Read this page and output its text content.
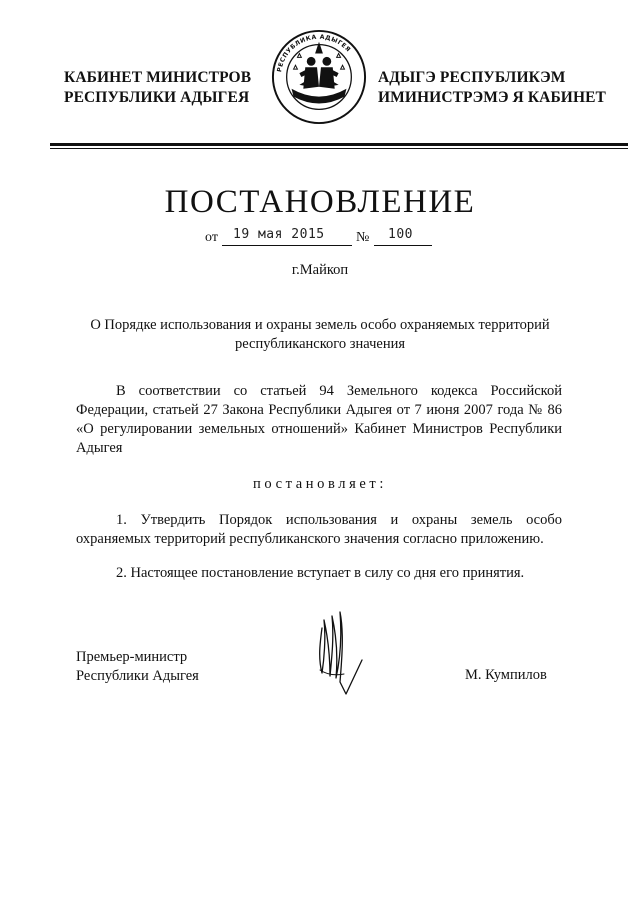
КАБИНЕТ МИНИСТРОВ
РЕСПУБЛИКИ АДЫГЕЯ
РЕСПУБЛИКА АДЫГЕЯ
АДЫГЭ РЕСПУБЛИКЭМ
ИМИНИСТРЭМЭ Я КАБИНЕТ
ПОСТАНОВЛЕНИЕ
от 19 мая 2015 № 100
г.Майкоп
О Порядке использования и охраны земель особо охраняемых территорий
республиканского значения
В соответствии со статьей 94 Земельного кодекса Российской Федерации, статьей 27 Закона Республики Адыгея от 7 июня 2007 года № 86 «О регулировании земельных отношений» Кабинет Министров Республики Адыгея
постановляет:
1. Утвердить Порядок использования и охраны земель особо охраняемых территорий республиканского значения согласно приложению.
2. Настоящее постановление вступает в силу со дня его принятия.
Премьер-министр
Республики Адыгея	М. Кумпилов
